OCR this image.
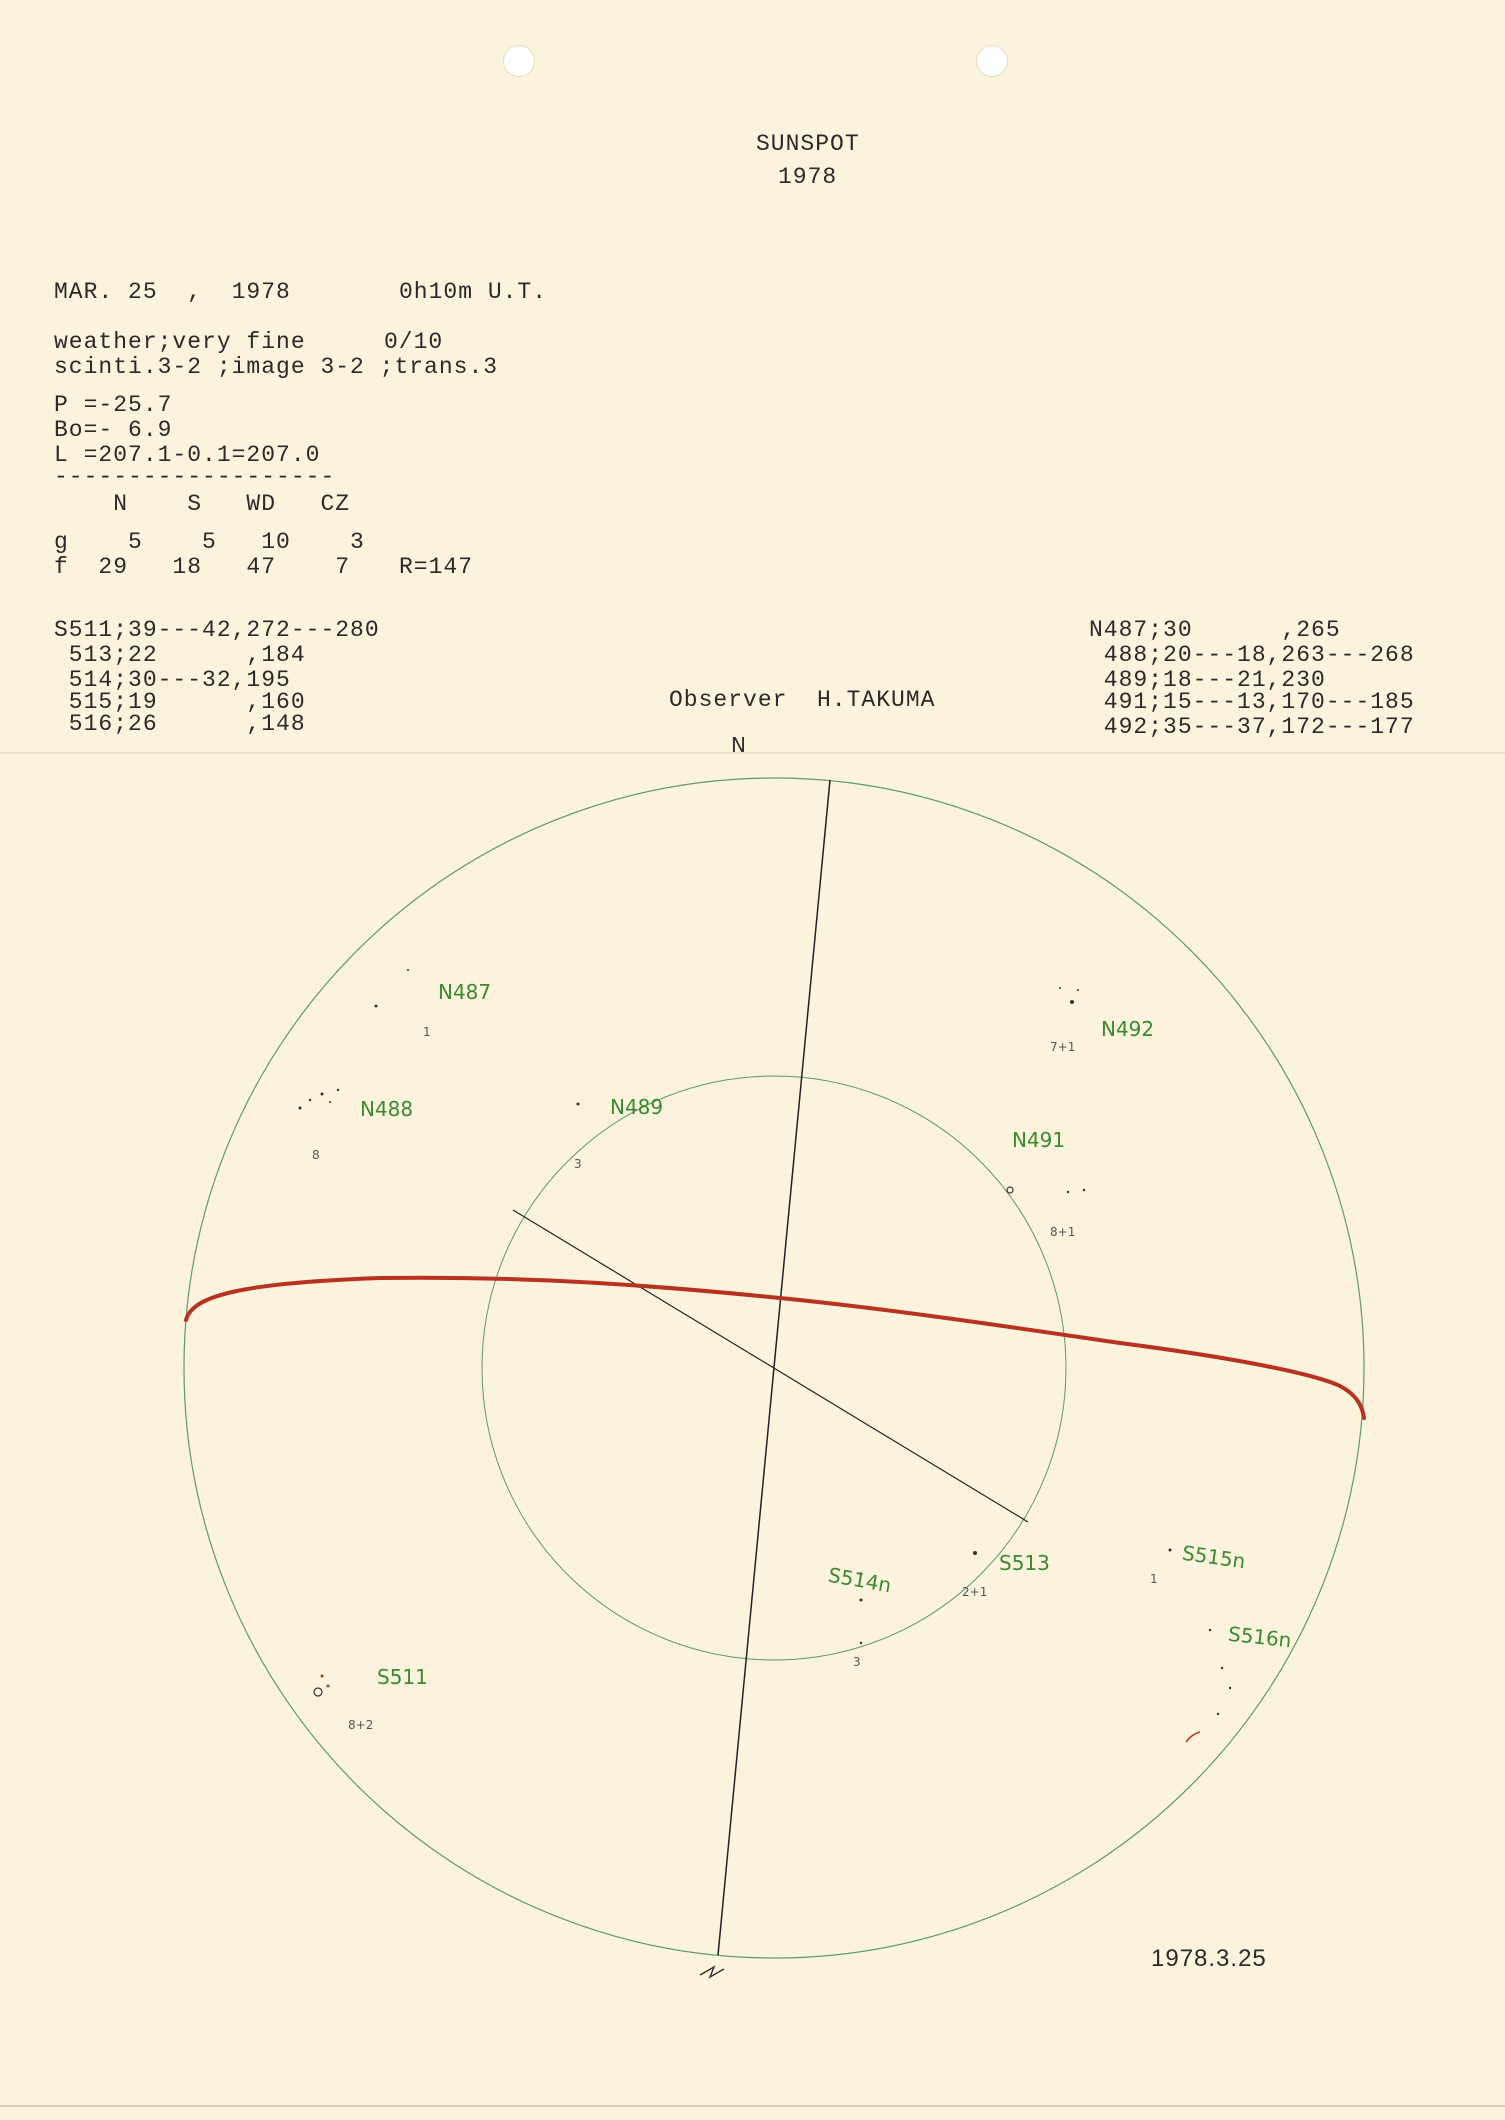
SUNSPOT
1978
MAR. 25  ,  1978	0h10m U.T.
weather;very fine	0/10
scinti.3-2 ;image 3-2 ;trans.3
P =-25.7
Bo=- 6.9
L =207.1-0.1=207.0
-------------------
N    S   WD   CZ
g    5    5   10    3
f  29   18   47    7 R=147
S511;39---42,272---280
513;22      ,184
514;30---32,195
515;19      ,160
516;26      ,148
N487;30      ,265
488;20---18,263---268
489;18---21,230
491;15---13,170---185
492;35---37,172---177
Observer  H.TAKUMA
N
N487
N488	N489
N491
N492
S511
S513
S514n
S515n
S516n
1
8
3
8+1
7+1
8+2
2+1
3
1
1978.3.25
